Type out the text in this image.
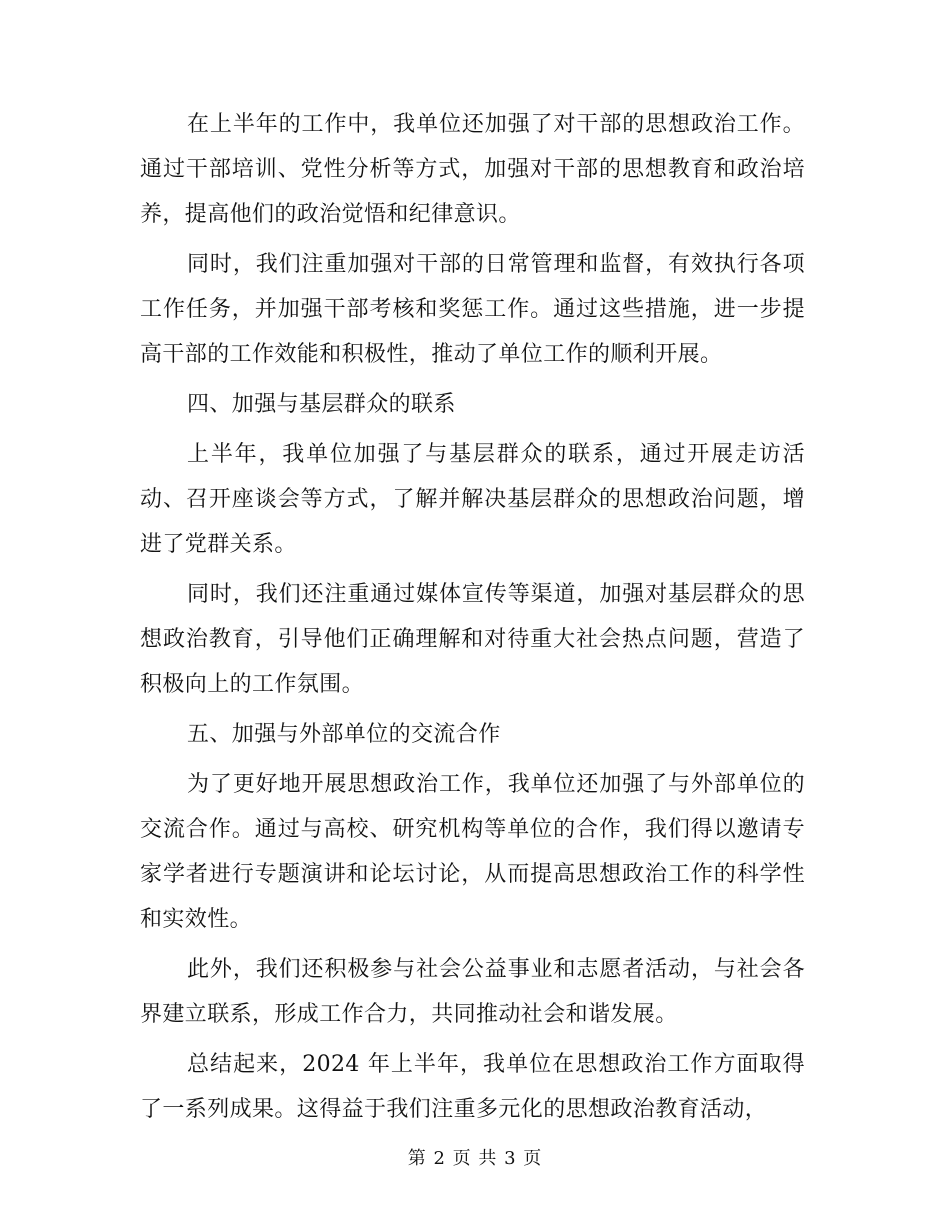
在上半年的工作中，我单位还加强了对干部的思想政治工作。通过干部培训、党性分析等方式，加强对干部的思想教育和政治培养，提高他们的政治觉悟和纪律意识。

同时，我们注重加强对干部的日常管理和监督，有效执行各项工作任务，并加强干部考核和奖惩工作。通过这些措施，进一步提高干部的工作效能和积极性，推动了单位工作的顺利开展。

四、加强与基层群众的联系

上半年，我单位加强了与基层群众的联系，通过开展走访活动、召开座谈会等方式，了解并解决基层群众的思想政治问题，增进了党群关系。

同时，我们还注重通过媒体宣传等渠道，加强对基层群众的思想政治教育，引导他们正确理解和对待重大社会热点问题，营造了积极向上的工作氛围。

五、加强与外部单位的交流合作

为了更好地开展思想政治工作，我单位还加强了与外部单位的交流合作。通过与高校、研究机构等单位的合作，我们得以邀请专家学者进行专题演讲和论坛讨论，从而提高思想政治工作的科学性和实效性。

此外，我们还积极参与社会公益事业和志愿者活动，与社会各界建立联系，形成工作合力，共同推动社会和谐发展。

总结起来，2024 年上半年，我单位在思想政治工作方面取得了一系列成果。这得益于我们注重多元化的思想政治教育活动，

第 2 页 共 3 页
